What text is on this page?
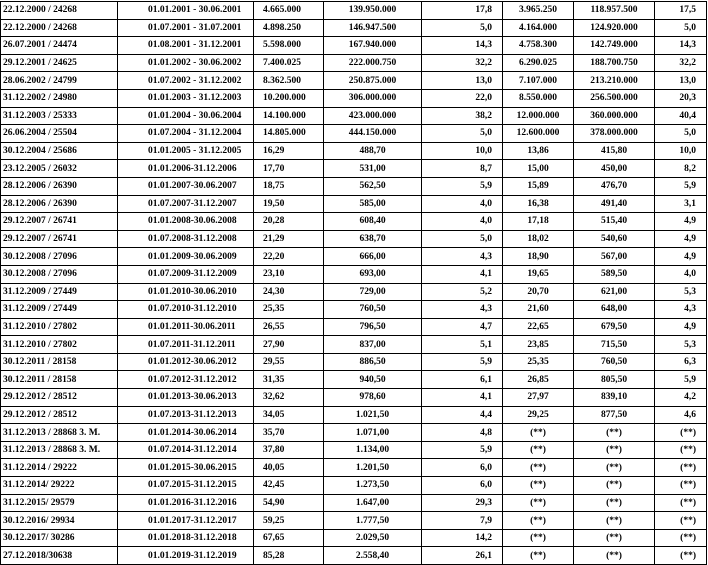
22.12.2000 / 24268	01.01.2001 - 30.06.2001	4.665.000	139.950.000	17,8	3.965.250	118.957.500	17,5
22.12.2000 / 24268	01.07.2001 - 31.07.2001	4.898.250	146.947.500	5,0	4.164.000	124.920.000	5,0
26.07.2001 / 24474	01.08.2001 - 31.12.2001	5.598.000	167.940.000	14,3	4.758.300	142.749.000	14,3
29.12.2001 / 24625	01.01.2002 - 30.06.2002	7.400.025	222.000.750	32,2	6.290.025	188.700.750	32,2
28.06.2002 / 24799	01.07.2002 - 31.12.2002	8.362.500	250.875.000	13,0	7.107.000	213.210.000	13,0
31.12.2002 / 24980	01.01.2003 - 31.12.2003	10.200.000	306.000.000	22,0	8.550.000	256.500.000	20,3
31.12.2003 / 25333	01.01.2004 - 30.06.2004	14.100.000	423.000.000	38,2	12.000.000	360.000.000	40,4
26.06.2004 / 25504	01.07.2004 - 31.12.2004	14.805.000	444.150.000	5,0	12.600.000	378.000.000	5,0
30.12.2004 / 25686	01.01.2005 - 31.12.2005	16,29	488,70	10,0	13,86	415,80	10,0
23.12.2005 / 26032	01.01.2006-31.12.2006	17,70	531,00	8,7	15,00	450,00	8,2
28.12.2006 / 26390	01.01.2007-30.06.2007	18,75	562,50	5,9	15,89	476,70	5,9
28.12.2006 / 26390	01.07.2007-31.12.2007	19,50	585,00	4,0	16,38	491,40	3,1
29.12.2007 / 26741	01.01.2008-30.06.2008	20,28	608,40	4,0	17,18	515,40	4,9
29.12.2007 / 26741	01.07.2008-31.12.2008	21,29	638,70	5,0	18,02	540,60	4,9
30.12.2008 / 27096	01.01.2009-30.06.2009	22,20	666,00	4,3	18,90	567,00	4,9
30.12.2008 / 27096	01.07.2009-31.12.2009	23,10	693,00	4,1	19,65	589,50	4,0
31.12.2009 / 27449	01.01.2010-30.06.2010	24,30	729,00	5,2	20,70	621,00	5,3
31.12.2009 / 27449	01.07.2010-31.12.2010	25,35	760,50	4,3	21,60	648,00	4,3
31.12.2010 / 27802	01.01.2011-30.06.2011	26,55	796,50	4,7	22,65	679,50	4,9
31.12.2010 / 27802	01.07.2011-31.12.2011	27,90	837,00	5,1	23,85	715,50	5,3
30.12.2011 / 28158	01.01.2012-30.06.2012	29,55	886,50	5,9	25,35	760,50	6,3
30.12.2011 / 28158	01.07.2012-31.12.2012	31,35	940,50	6,1	26,85	805,50	5,9
29.12.2012 / 28512	01.01.2013-30.06.2013	32,62	978,60	4,1	27,97	839,10	4,2
29.12.2012 / 28512	01.07.2013-31.12.2013	34,05	1.021,50	4,4	29,25	877,50	4,6
31.12.2013 / 28868 3. M.	01.01.2014-30.06.2014	35,70	1.071,00	4,8	(**)	(**)	(**)
31.12.2013 / 28868 3. M.	01.07.2014-31.12.2014	37,80	1.134,00	5,9	(**)	(**)	(**)
31.12.2014 / 29222	01.01.2015-30.06.2015	40,05	1.201,50	6,0	(**)	(**)	(**)
31.12.2014/ 29222	01.07.2015-31.12.2015	42,45	1.273,50	6,0	(**)	(**)	(**)
31.12.2015/ 29579	01.01.2016-31.12.2016	54,90	1.647,00	29,3	(**)	(**)	(**)
30.12.2016/ 29934	01.01.2017-31.12.2017	59,25	1.777,50	7,9	(**)	(**)	(**)
30.12.2017/ 30286	01.01.2018-31.12.2018	67,65	2.029,50	14,2	(**)	(**)	(**)
27.12.2018/30638	01.01.2019-31.12.2019	85,28	2.558,40	26,1	(**)	(**)	(**)
